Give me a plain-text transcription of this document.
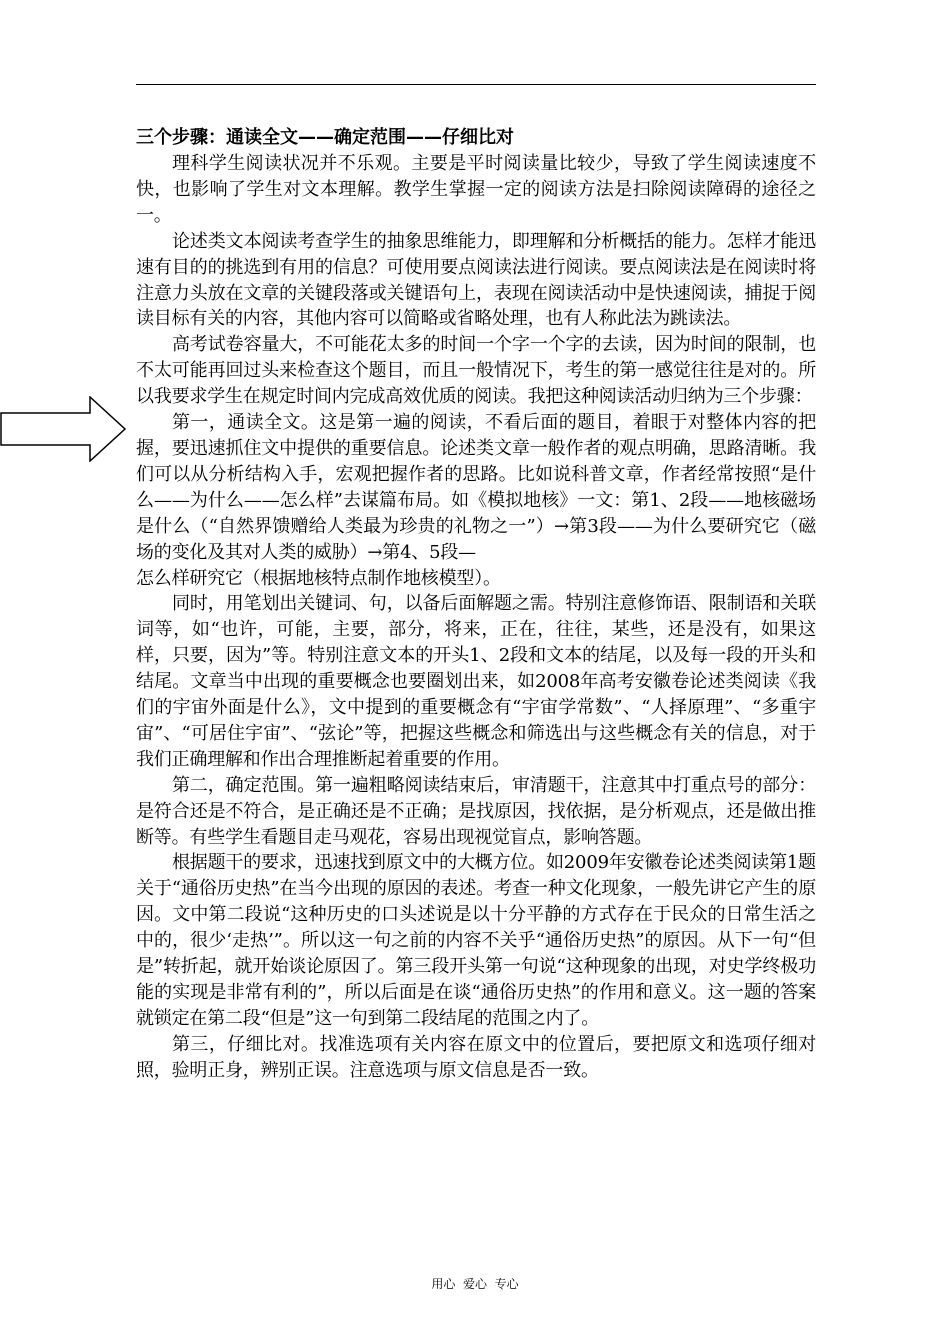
三个步骤：通读全文——确定范围——仔细比对

理科学生阅读状况并不乐观。主要是平时阅读量比较少，导致了学生阅读速度不快，也影响了学生对文本理解。教学生掌握一定的阅读方法是扫除阅读障碍的途径之一。

论述类文本阅读考查学生的抽象思维能力，即理解和分析概括的能力。怎样才能迅速有目的的挑选到有用的信息？可使用要点阅读法进行阅读。要点阅读法是在阅读时将注意力头放在文章的关键段落或关键语句上，表现在阅读活动中是快速阅读，捕捉于阅读目标有关的内容，其他内容可以简略或省略处理，也有人称此法为跳读法。

高考试卷容量大，不可能花太多的时间一个字一个字的去读，因为时间的限制，也不太可能再回过头来检查这个题目，而且一般情况下，考生的第一感觉往往是对的。所以我要求学生在规定时间内完成高效优质的阅读。我把这种阅读活动归纳为三个步骤：

第一，通读全文。这是第一遍的阅读，不看后面的题目，着眼于对整体内容的把握，要迅速抓住文中提供的重要信息。论述类文章一般作者的观点明确，思路清晰。我们可以从分析结构入手，宏观把握作者的思路。比如说科普文章，作者经常按照“是什么——为什么——怎么样”去谋篇布局。如《模拟地核》一文：第1、2段——地核磁场是什么（“自然界馈赠给人类最为珍贵的礼物之一”）→第3段——为什么要研究它（磁场的变化及其对人类的威胁）→第4、5段—

怎么样研究它（根据地核特点制作地核模型）。

同时，用笔划出关键词、句，以备后面解题之需。特别注意修饰语、限制语和关联词等，如“也许，可能，主要，部分，将来，正在，往往，某些，还是没有，如果这样，只要，因为”等。特别注意文本的开头1、2段和文本的结尾，以及每一段的开头和结尾。文章当中出现的重要概念也要圈划出来，如2008年高考安徽卷论述类阅读《我们的宇宙外面是什么》，文中提到的重要概念有“宇宙学常数”、“人择原理”、“多重宇宙”、“可居住宇宙”、“弦论”等，把握这些概念和筛选出与这些概念有关的信息，对于我们正确理解和作出合理推断起着重要的作用。

第二，确定范围。第一遍粗略阅读结束后，审清题干，注意其中打重点号的部分：是符合还是不符合，是正确还是不正确；是找原因，找依据，是分析观点，还是做出推断等。有些学生看题目走马观花，容易出现视觉盲点，影响答题。

根据题干的要求，迅速找到原文中的大概方位。如2009年安徽卷论述类阅读第1题关于“通俗历史热”在当今出现的原因的表述。考查一种文化现象，一般先讲它产生的原因。文中第二段说“这种历史的口头述说是以十分平静的方式存在于民众的日常生活之中的，很少‘走热’”。所以这一句之前的内容不关乎“通俗历史热”的原因。从下一句“但是”转折起，就开始谈论原因了。第三段开头第一句说“这种现象的出现，对史学终极功能的实现是非常有利的”，所以后面是在谈“通俗历史热”的作用和意义。这一题的答案就锁定在第二段“但是”这一句到第二段结尾的范围之内了。

第三，仔细比对。找准选项有关内容在原文中的位置后，要把原文和选项仔细对照，验明正身，辨别正误。注意选项与原文信息是否一致。

用心  爱心  专心
